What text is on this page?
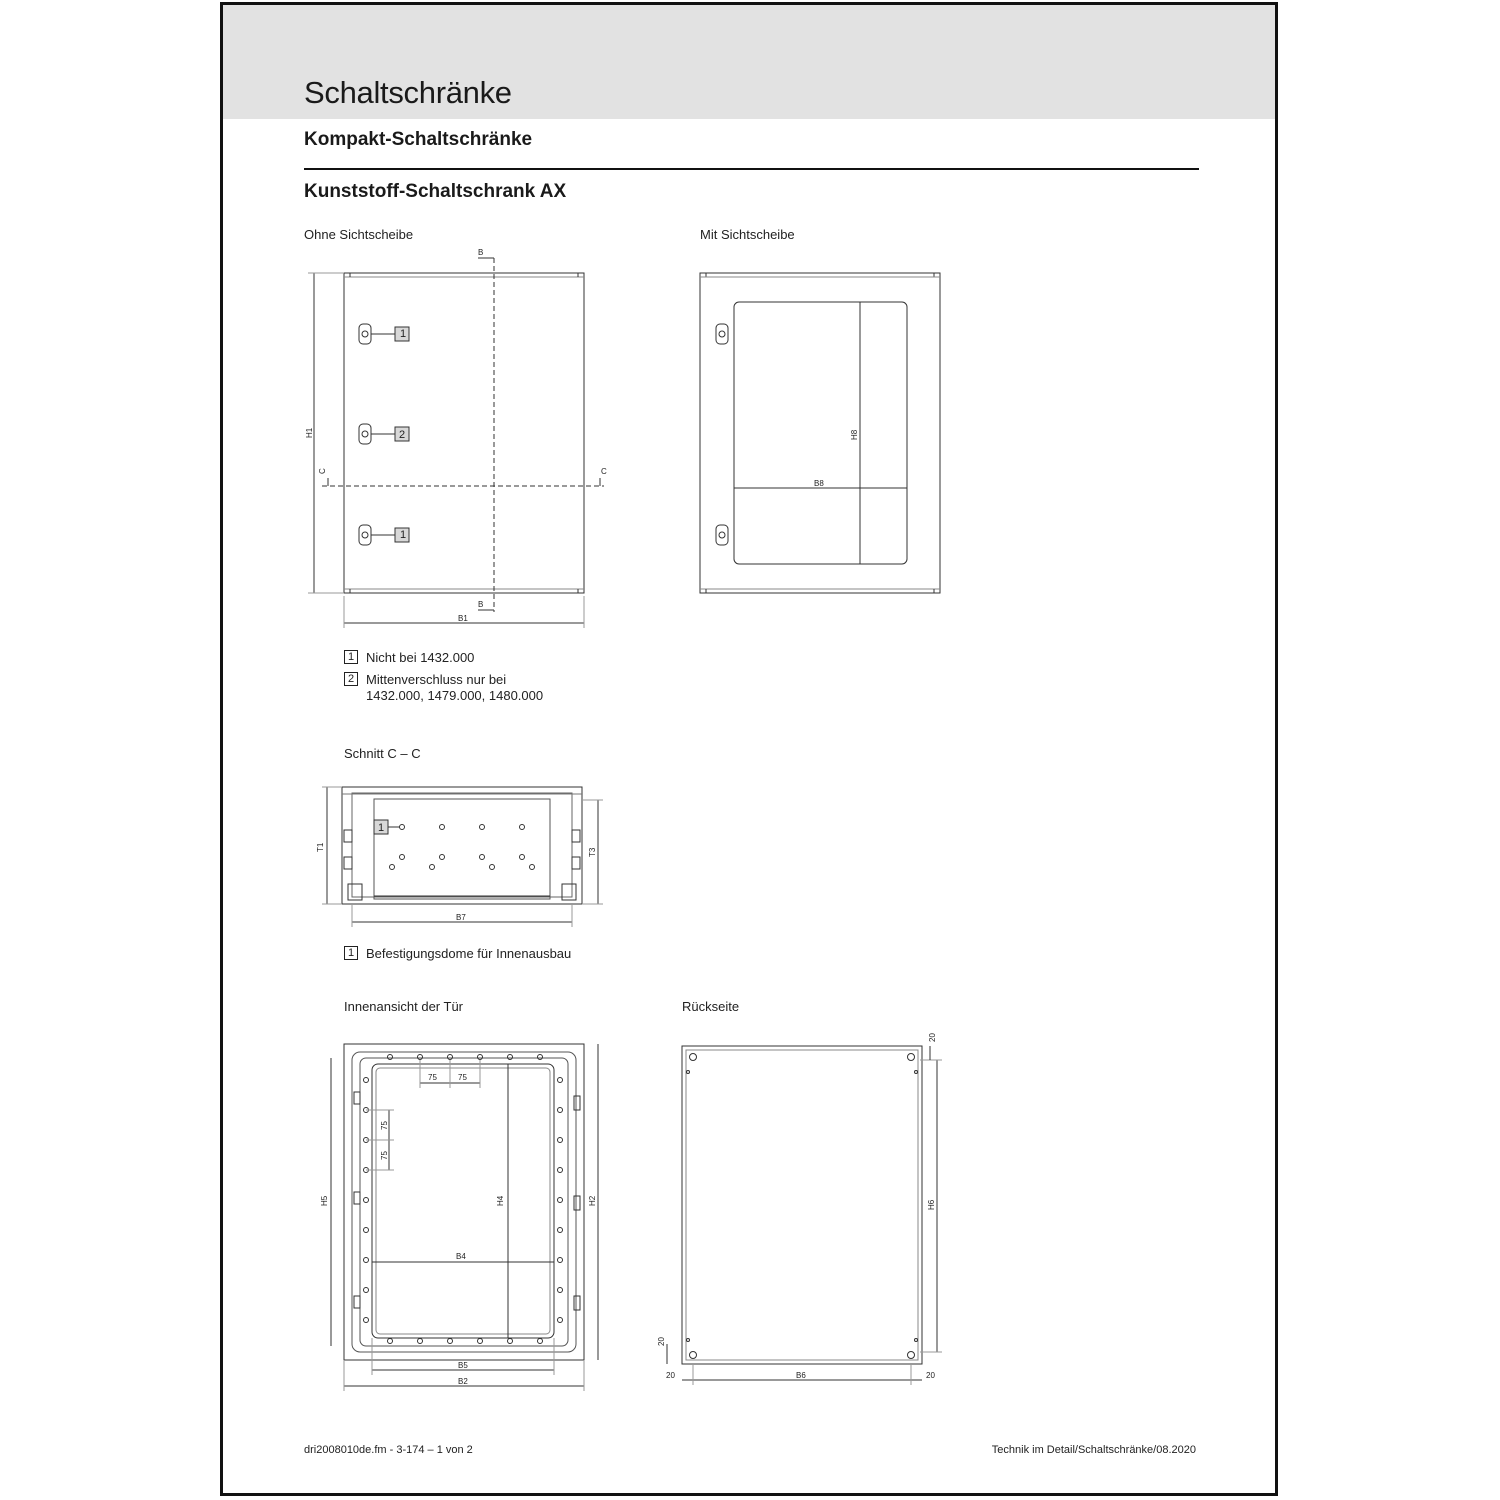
Schaltschränke
Kompakt-Schaltschränke
Kunststoff-Schaltschrank AX
Ohne Sichtscheibe	Mit Sichtscheibe
1 Nicht bei 1432.000
2 Mittenverschluss nur bei
1432.000, 1479.000, 1480.000
Schnitt C – C
1 Befestigungsdome für Innenausbau
Innenansicht der Tür	Rückseite
dri2008010de.fm - 3-174 – 1 von 2	Technik im Detail/Schaltschränke/08.2020
B
B
B1
H1
C	C
1
2
1
H8
B8
T1
T3
B7
1
H5	H4	H2
B4
B5
B2
75	75
75
75
H6
B6
20
20
20	20
